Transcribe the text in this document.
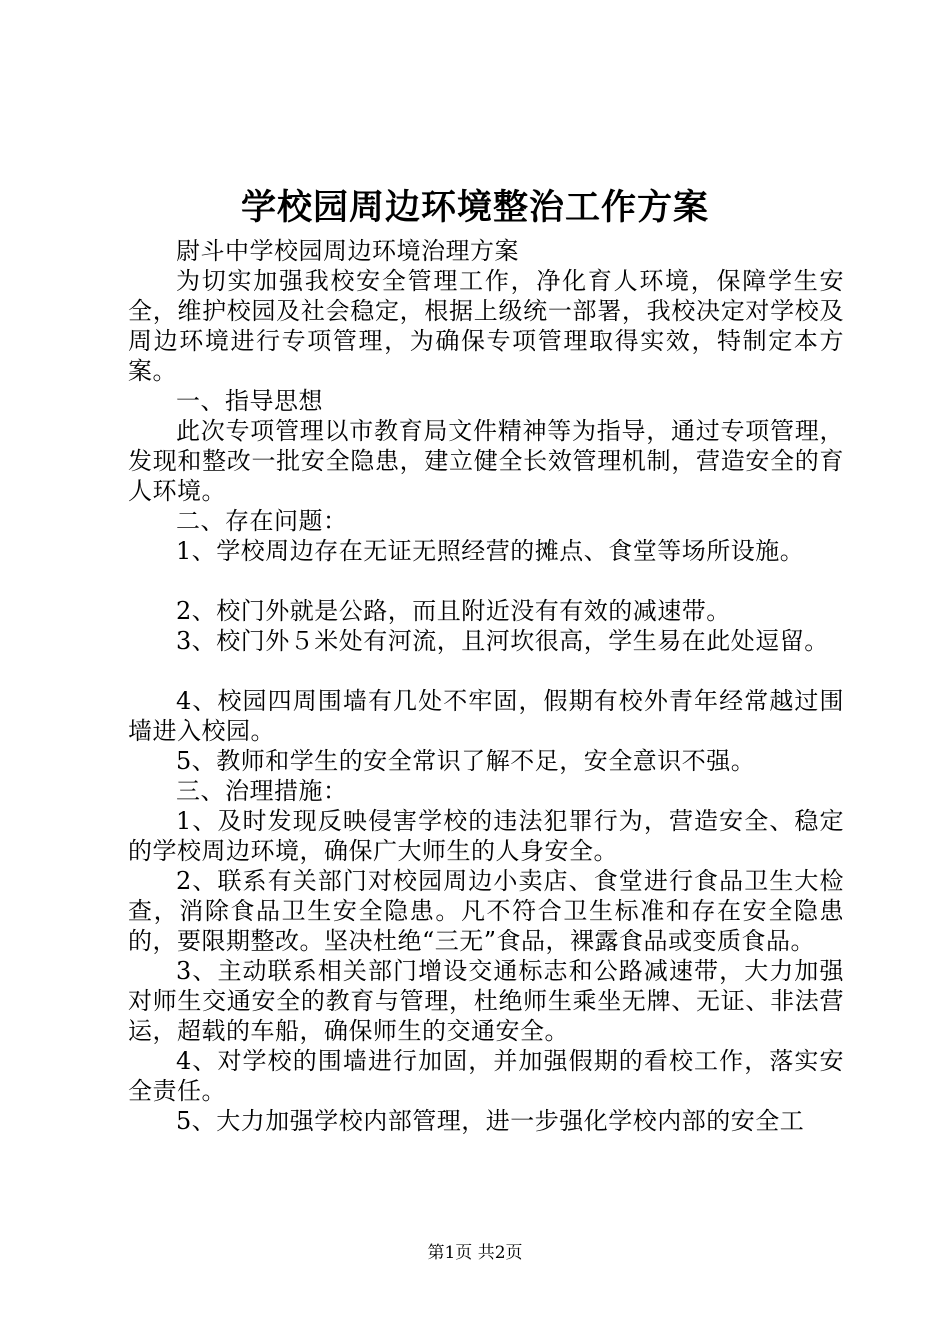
学校园周边环境整治工作方案

尉斗中学校园周边环境治理方案

为切实加强我校安全管理工作，净化育人环境，保障学生安全，维护校园及社会稳定，根据上级统一部署，我校决定对学校及周边环境进行专项管理，为确保专项管理取得实效，特制定本方案。

一、指导思想

此次专项管理以市教育局文件精神等为指导，通过专项管理，发现和整改一批安全隐患，建立健全长效管理机制，营造安全的育人环境。

二、存在问题：

1、学校周边存在无证无照经营的摊点、食堂等场所设施。

2、校门外就是公路，而且附近没有有效的减速带。

3、校门外５米处有河流，且河坎很高，学生易在此处逗留。

4、校园四周围墙有几处不牢固，假期有校外青年经常越过围墙进入校园。

5、教师和学生的安全常识了解不足，安全意识不强。

三、治理措施：

1、及时发现反映侵害学校的违法犯罪行为，营造安全、稳定的学校周边环境，确保广大师生的人身安全。

2、联系有关部门对校园周边小卖店、食堂进行食品卫生大检查，消除食品卫生安全隐患。凡不符合卫生标准和存在安全隐患的，要限期整改。坚决杜绝“三无”食品，裸露食品或变质食品。

3、主动联系相关部门增设交通标志和公路减速带，大力加强对师生交通安全的教育与管理，杜绝师生乘坐无牌、无证、非法营运，超载的车船，确保师生的交通安全。

4、对学校的围墙进行加固，并加强假期的看校工作，落实安全责任。

5、大力加强学校内部管理，进一步强化学校内部的安全工

第1页 共2页
